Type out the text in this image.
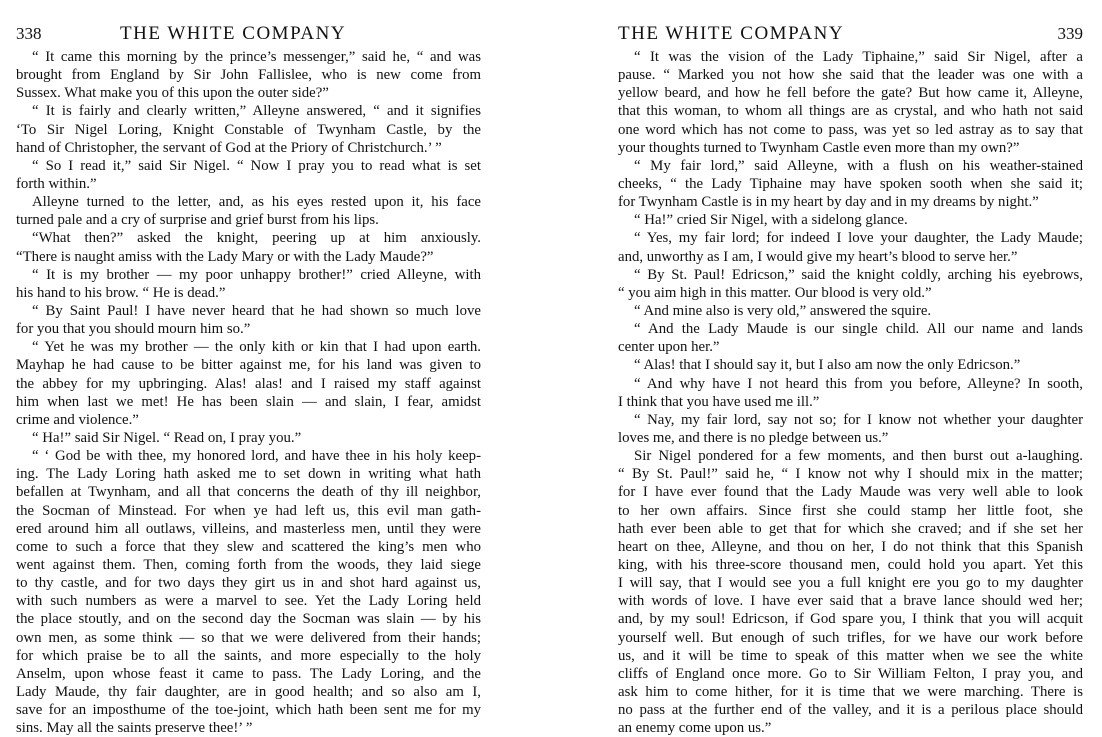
338	THE WHITE COMPANY
“ It came this morning by the prince’s messenger,” said he, “ and was
brought from England by Sir John Fallislee, who is new come from
Sussex. What make you of this upon the outer side?”
“ It is fairly and clearly written,” Alleyne answered, “ and it signifies
‘To Sir Nigel Loring, Knight Constable of Twynham Castle, by the
hand of Christopher, the servant of God at the Priory of Christchurch.’ ”
“ So I read it,” said Sir Nigel. “ Now I pray you to read what is set
forth within.”
Alleyne turned to the letter, and, as his eyes rested upon it, his face
turned pale and a cry of surprise and grief burst from his lips.
“What then?” asked the knight, peering up at him anxiously.
“There is naught amiss with the Lady Mary or with the Lady Maude?”
“ It is my brother — my poor unhappy brother!” cried Alleyne, with
his hand to his brow. “ He is dead.”
“ By Saint Paul! I have never heard that he had shown so much love
for you that you should mourn him so.”
“ Yet he was my brother — the only kith or kin that I had upon earth.
Mayhap he had cause to be bitter against me, for his land was given to
the abbey for my upbringing. Alas! alas! and I raised my staff against
him when last we met! He has been slain — and slain, I fear, amidst
crime and violence.”
“ Ha!” said Sir Nigel. “ Read on, I pray you.”
“ ‘ God be with thee, my honored lord, and have thee in his holy keep-
ing. The Lady Loring hath asked me to set down in writing what hath
befallen at Twynham, and all that concerns the death of thy ill neighbor,
the Socman of Minstead. For when ye had left us, this evil man gath-
ered around him all outlaws, villeins, and masterless men, until they were
come to such a force that they slew and scattered the king’s men who
went against them. Then, coming forth from the woods, they laid siege
to thy castle, and for two days they girt us in and shot hard against us,
with such numbers as were a marvel to see. Yet the Lady Loring held
the place stoutly, and on the second day the Socman was slain — by his
own men, as some think — so that we were delivered from their hands;
for which praise be to all the saints, and more especially to the holy
Anselm, upon whose feast it came to pass. The Lady Loring, and the
Lady Maude, thy fair daughter, are in good health; and so also am I,
save for an imposthume of the toe-joint, which hath been sent me for my
sins. May all the saints preserve thee!’ ”
THE WHITE COMPANY	339
“ It was the vision of the Lady Tiphaine,” said Sir Nigel, after a
pause. “ Marked you not how she said that the leader was one with a
yellow beard, and how he fell before the gate? But how came it, Alleyne,
that this woman, to whom all things are as crystal, and who hath not said
one word which has not come to pass, was yet so led astray as to say that
your thoughts turned to Twynham Castle even more than my own?”
“ My fair lord,” said Alleyne, with a flush on his weather-stained
cheeks, “ the Lady Tiphaine may have spoken sooth when she said it;
for Twynham Castle is in my heart by day and in my dreams by night.”
“ Ha!” cried Sir Nigel, with a sidelong glance.
“ Yes, my fair lord; for indeed I love your daughter, the Lady Maude;
and, unworthy as I am, I would give my heart’s blood to serve her.”
“ By St. Paul! Edricson,” said the knight coldly, arching his eyebrows,
“ you aim high in this matter. Our blood is very old.”
“ And mine also is very old,” answered the squire.
“ And the Lady Maude is our single child. All our name and lands
center upon her.”
“ Alas! that I should say it, but I also am now the only Edricson.”
“ And why have I not heard this from you before, Alleyne? In sooth,
I think that you have used me ill.”
“ Nay, my fair lord, say not so; for I know not whether your daughter
loves me, and there is no pledge between us.”
Sir Nigel pondered for a few moments, and then burst out a-laughing.
“ By St. Paul!” said he, “ I know not why I should mix in the matter;
for I have ever found that the Lady Maude was very well able to look
to her own affairs. Since first she could stamp her little foot, she
hath ever been able to get that for which she craved; and if she set her
heart on thee, Alleyne, and thou on her, I do not think that this Spanish
king, with his three-score thousand men, could hold you apart. Yet this
I will say, that I would see you a full knight ere you go to my daughter
with words of love. I have ever said that a brave lance should wed her;
and, by my soul! Edricson, if God spare you, I think that you will acquit
yourself well. But enough of such trifles, for we have our work before
us, and it will be time to speak of this matter when we see the white
cliffs of England once more. Go to Sir William Felton, I pray you, and
ask him to come hither, for it is time that we were marching. There is
no pass at the further end of the valley, and it is a perilous place should
an enemy come upon us.”
